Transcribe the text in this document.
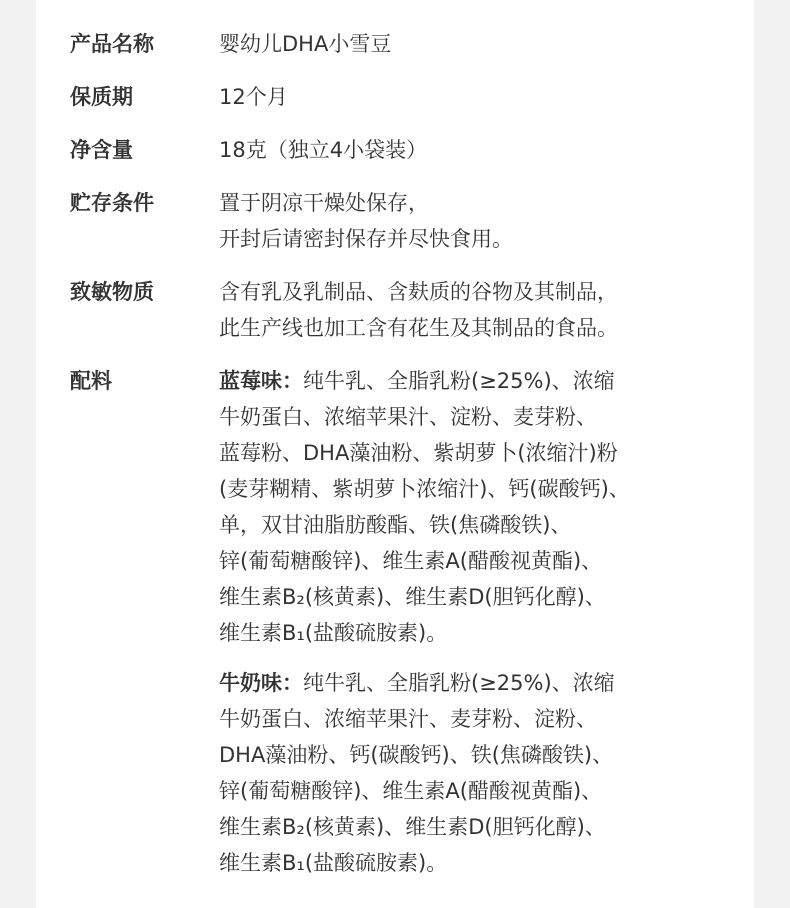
产品名称	婴幼儿DHA小雪豆
保质期	12个月
净含量	18克（独立4小袋装）
贮存条件	置于阴凉干燥处保存，
开封后请密封保存并尽快食用。
致敏物质	含有乳及乳制品、含麸质的谷物及其制品，
此生产线也加工含有花生及其制品的食品。
配料	蓝莓味：纯牛乳、全脂乳粉(≥25%)、浓缩
牛奶蛋白、浓缩苹果汁、淀粉、麦芽粉、
蓝莓粉、DHA藻油粉、紫胡萝卜(浓缩汁)粉
(麦芽糊精、紫胡萝卜浓缩汁)、钙(碳酸钙)、
单，双甘油脂肪酸酯、铁(焦磷酸铁)、
锌(葡萄糖酸锌)、维生素A(醋酸视黄酯)、
维生素B₂(核黄素)、维生素D(胆钙化醇)、
维生素B₁(盐酸硫胺素)。
牛奶味：纯牛乳、全脂乳粉(≥25%)、浓缩
牛奶蛋白、浓缩苹果汁、麦芽粉、淀粉、
DHA藻油粉、钙(碳酸钙)、铁(焦磷酸铁)、
锌(葡萄糖酸锌)、维生素A(醋酸视黄酯)、
维生素B₂(核黄素)、维生素D(胆钙化醇)、
维生素B₁(盐酸硫胺素)。
